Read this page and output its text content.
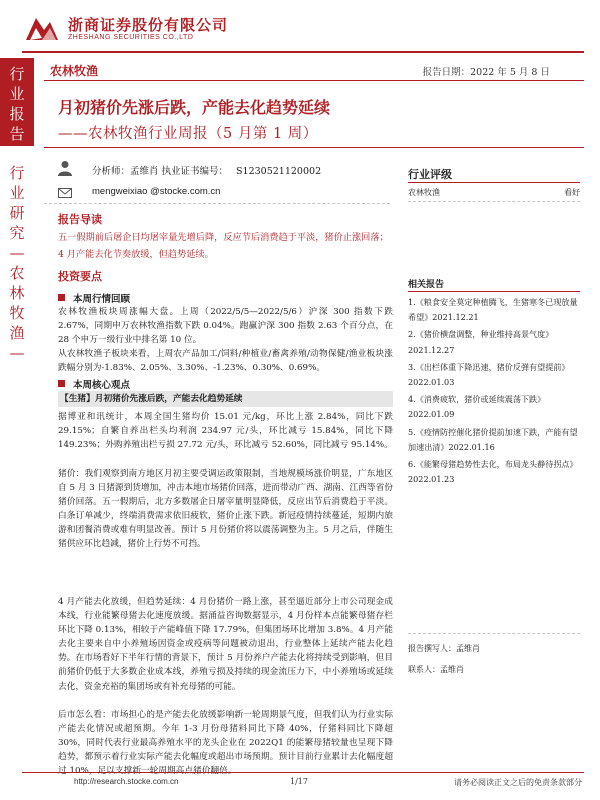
浙商证券股份有限公司
ZHESHANG SECURITIES CO.,LTD
行业报告
行业研究—农林牧渔—
农林牧渔	报告日期：2022 年 5 月 8 日
月初猪价先涨后跌，产能去化趋势延续
——农林牧渔行业周报（5 月第 1 周）
分析师：孟维肖 执业证书编号： S1230521120002
mengweixiao @stocke.com.cn
报告导读
五一假期前后屠企日均屠宰量先增后降，反应节后消费趋于平淡，猪价止涨回落；4 月产能去化节奏放缓，但趋势延续。
投资要点
本周行情回顾
农林牧渔板块周涨幅大盘。上周（2022/5/5—2022/5/6）沪深 300 指数下跌 2.67%，同期申万农林牧渔指数下跌 0.04%。跑赢沪深 300 指数 2.63 个百分点，在 28 个申万一级行业中排名第 10 位。
从农林牧渔子板块来看，上周农产品加工/饲料/种植业/畜禽养殖/动物保健/渔业板块涨跌幅分别为-1.83%、2.05%、3.30%、-1.23%、0.30%、0.69%。
本周核心观点
【生猪】月初猪价先涨后跌，产能去化趋势延续
据博亚和讯统计，本周全国生猪均价 15.01 元/kg，环比上涨 2.84%，同比下跌 29.15%；自繁自养出栏头均利润 234.97 元/头，环比减亏 15.84%，同比下降 149.23%；外购养殖出栏亏损 27.72 元/头，环比减亏 52.60%，同比减亏 95.14%。
猪价：我们观察到南方地区月初主要受调运政策限制，当地规模场涨价明显，广东地区自 5 月 3 日猪源到货增加，冲击本地市场猪价回落，进而带动广西、湖南、江西等省份猪价回落。五一假期后，北方多数屠企日屠宰量明显降低，反应出节后消费趋于平淡。白条订单减少，终端消费需求依旧疲软，猪价止涨下跌。新冠疫情持续蔓延，短期内旅游和团餐消费或难有明显改善。预计 5 月份猪价将以震荡调整为主。5 月之后，伴随生猪供应环比趋减，猪价上行势不可挡。
4 月产能去化放缓，但趋势延续：4 月份猪价一路上涨，甚至逼近部分上市公司现金成本线，行业能繁母猪去化速度放缓。据涌益咨询数据显示，4 月份样本点能繁母猪存栏环比下降 0.13%，相较于产能峰值下降 17.79%，但集团场环比增加 3.8%。4 月产能去化主要来自中小养殖场因资金或疫病等问题被动退出，行业整体上延续产能去化趋势。在市场看好下半年行情的背景下，预计 5 月份养户产能去化将持续受到影响，但目前猪价仍低于大多数企业成本线，养殖亏损及持续的现金流压力下，中小养殖场或延续去化，资金充裕的集团场或有补充母猪的可能。
后市怎么看：市场担心的是产能去化放缓影响新一轮周期景气度，但我们认为行业实际产能去化情况或超预期。今年 1-3 月份母猪料同比下降 40%，仔猪料同比下降超 30%，同时代表行业最高养殖水平的龙头企业在 2022Q1 的能繁母猪较量也呈现下降趋势，都预示着行业实际产能去化幅度或超出市场预期。预计目前行业累计去化幅度超
行业评级
农林牧渔	看好
相关报告
1.《粮食安全莫定种植腾飞，生猪寒冬已现放量希望》2021.12.21
2.《猪价横盘调整，种业维持高景气度》2021.12.27
3.《出栏体重下降迅速，猪价反弹有望提前》2022.01.03
4.《消费疲软，猪价或延续震荡下跌》2022.01.09
5.《疫情防控催化猪价提前加速下跌，产能有望加速出清》2022.01.16
6.《能繁母猪趋势性去化，布局龙头静待拐点》2022.01.23
报告撰写人：孟维肖
联系人：孟维肖
http://research.stocke.com.cn	1/17	请务必阅读正文之后的免责条款部分
